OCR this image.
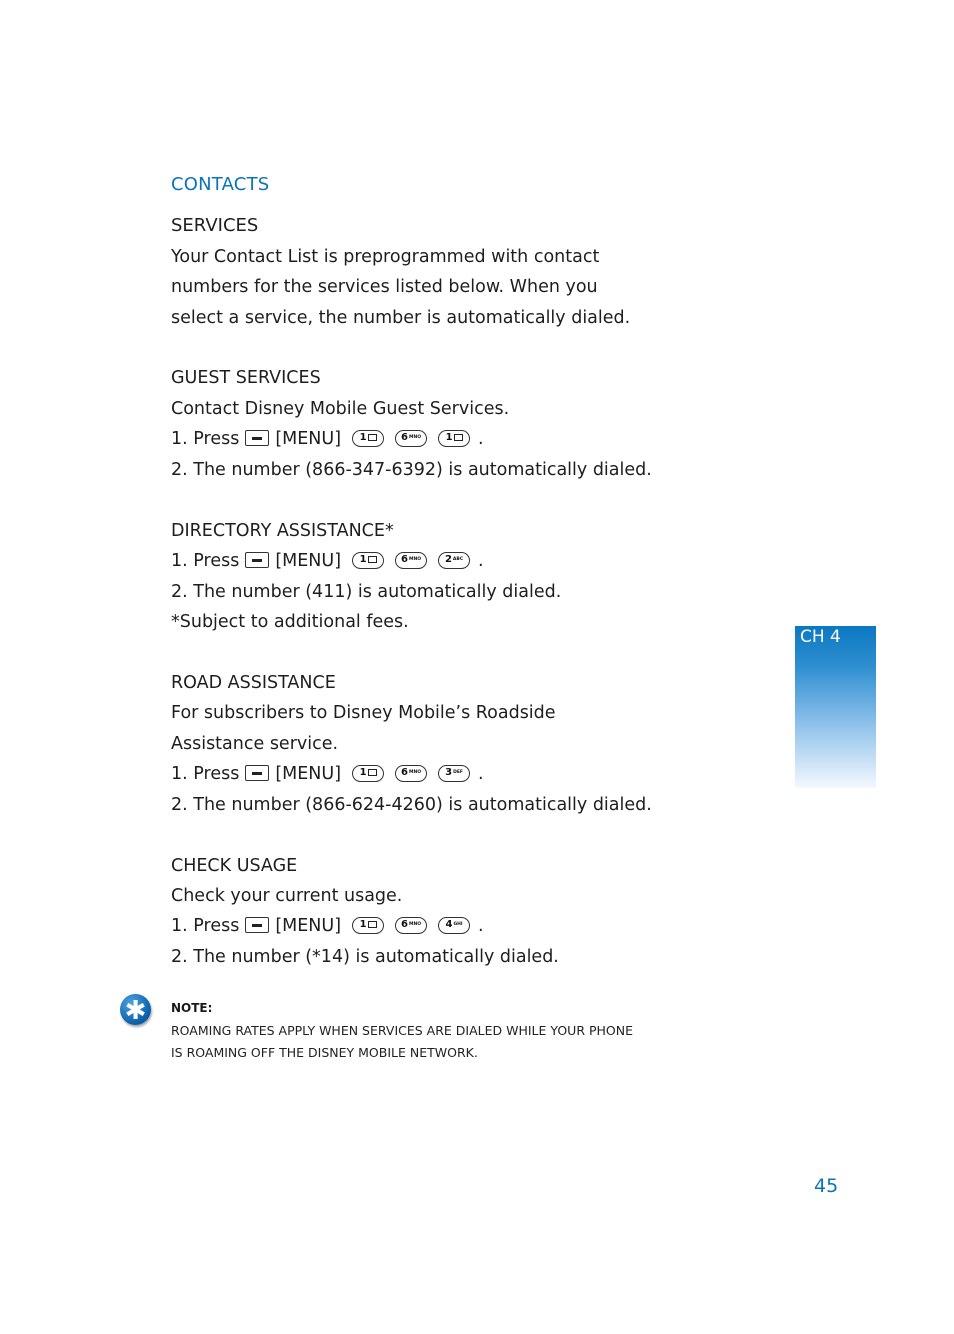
CONTACTS
SERVICES
Your Contact List is preprogrammed with contact
numbers for the services listed below. When you
select a service, the number is automatically dialed.
GUEST SERVICES
Contact Disney Mobile Guest Services.
1. Press [MENU] 1	6 MNO 1 .
2. The number (866-347-6392) is automatically dialed.
DIRECTORY ASSISTANCE*
1. Press [MENU] 1	6 MNO 2 ABC .
2. The number (411) is automatically dialed.
*Subject to additional fees.
ROAD ASSISTANCE
For subscribers to Disney Mobile’s Roadside
Assistance service.
1. Press [MENU] 1	6 MNO 3 DEF .
2. The number (866-624-4260) is automatically dialed.
CHECK USAGE
Check your current usage.
1. Press [MENU] 1	6 MNO 4 GHI .
2. The number (*14) is automatically dialed.
✱	NOTE:
ROAMING RATES APPLY WHEN SERVICES ARE DIALED WHILE YOUR PHONE
IS ROAMING OFF THE DISNEY MOBILE NETWORK.
CH 4
45
